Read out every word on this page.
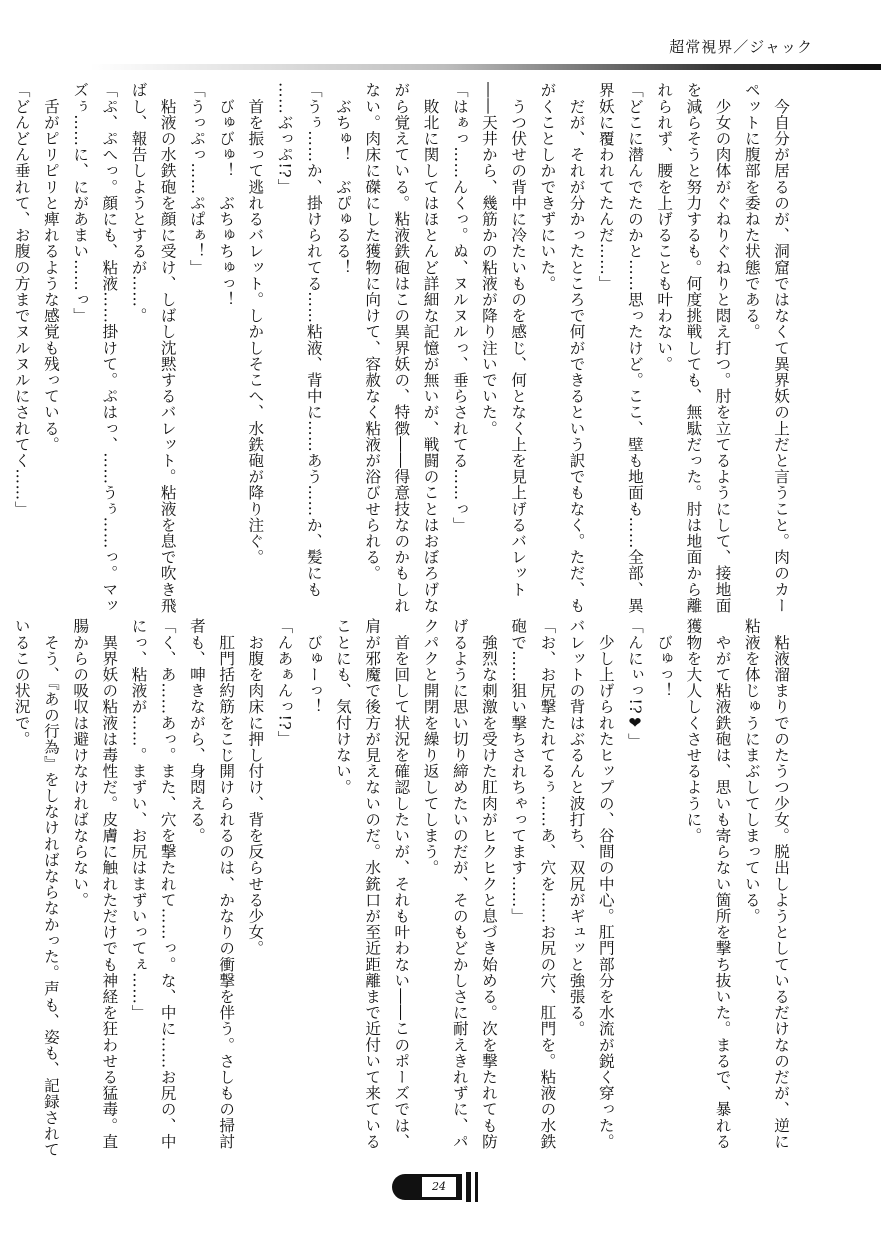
超常視界／ジャック
　今自分が居るのが、洞窟ではなくて異界妖の上だと言うこと。肉のカー
ペットに腹部を委ねた状態である。
　少女の肉体がぐねりぐねりと悶え打つ。肘を立てるようにして、接地面
を減らそうと努力するも。何度挑戦しても、無駄だった。肘は地面から離
れられず、腰を上げることも叶わない。
「どこに潜んでたのかと……思ったけど。ここ、壁も地面も……全部、異
界妖に覆われてたんだ……」
　だが、それが分かったところで何ができるという訳でもなく。ただ、も
がくことしかできずにいた。
　うつ伏せの背中に冷たいものを感じ、何となく上を見上げるバレット
――天井から、幾筋かの粘液が降り注いでいた。
「はぁっ……んくっ。ぬ、ヌルヌルっ、垂らされてる……っ」
　敗北に関してはほとんど詳細な記憶が無いが、戦闘のことはおぼろげな
がら覚えている。粘液鉄砲はこの異界妖の、特徴――得意技なのかもしれ
ない。肉床に磔にした獲物に向けて、容赦なく粘液が浴びせられる。
　ぶちゅ！　ぶぴゅるる！
「うぅ……か、掛けられてる……粘液、背中に……あう……か、髪にも
……ぶっぷ!?」
　首を振って逃れるバレット。しかしそこへ、水鉄砲が降り注ぐ。
　びゅびゅ！　ぶちゅちゅっ！
「うっぷっ……ぷぱぁ！」
　粘液の水鉄砲を顔に受け、しばし沈黙するバレット。粘液を息で吹き飛
ばし、報告しようとするが……。
「ぷ、ぷへっ。顔にも、粘液……掛けて。ぷはっ、……うぅ……っ。マッ
ズぅ……に、にがあまい……っ」
　舌がピリピリと痺れるような感覚も残っている。
「どんどん垂れて、お腹の方までヌルヌルにされてく……」
　粘液溜まりでのたうつ少女。脱出しようとしているだけなのだが、逆に
粘液を体じゅうにまぶしてしまっている。
　やがて粘液鉄砲は、思いも寄らない箇所を撃ち抜いた。まるで、暴れる
獲物を大人しくさせるように。
　びゅっ！
「んにぃっ!?❤」
　少し上げられたヒップの、谷間の中心。肛門部分を水流が鋭く穿った。
バレットの背はぶるんと波打ち、双尻がギュッと強張る。
「お、お尻撃たれてるぅ……あ、穴を……お尻の穴、肛門を。粘液の水鉄
砲で……狙い撃ちされちゃってます……」
　強烈な刺激を受けた肛肉がヒクヒクと息づき始める。次を撃たれても防
げるように思い切り締めたいのだが、そのもどかしさに耐えきれずに、パ
クパクと開閉を繰り返してしまう。
　首を回して状況を確認したいが、それも叶わない――このポーズでは、
肩が邪魔で後方が見えないのだ。水銃口が至近距離まで近付いて来ている
ことにも、気付けない。
　びゅーっ！
「んあぁんっ!?」
　お腹を肉床に押し付け、背を反らせる少女。
　肛門括約筋をこじ開けられるのは、かなりの衝撃を伴う。さしもの掃討
者も、呻きながら、身悶える。
「く、あ……あっ。また、穴を撃たれて……っ。な、中に……お尻の、中
にっ、粘液が……。まずい、お尻はまずいってぇ……」
　異界妖の粘液は毒性だ。皮膚に触れただけでも神経を狂わせる猛毒。直
腸からの吸収は避けなければならない。
　そう、『あの行為』をしなければならなかった。声も、姿も、記録されて
いるこの状況で。
24
